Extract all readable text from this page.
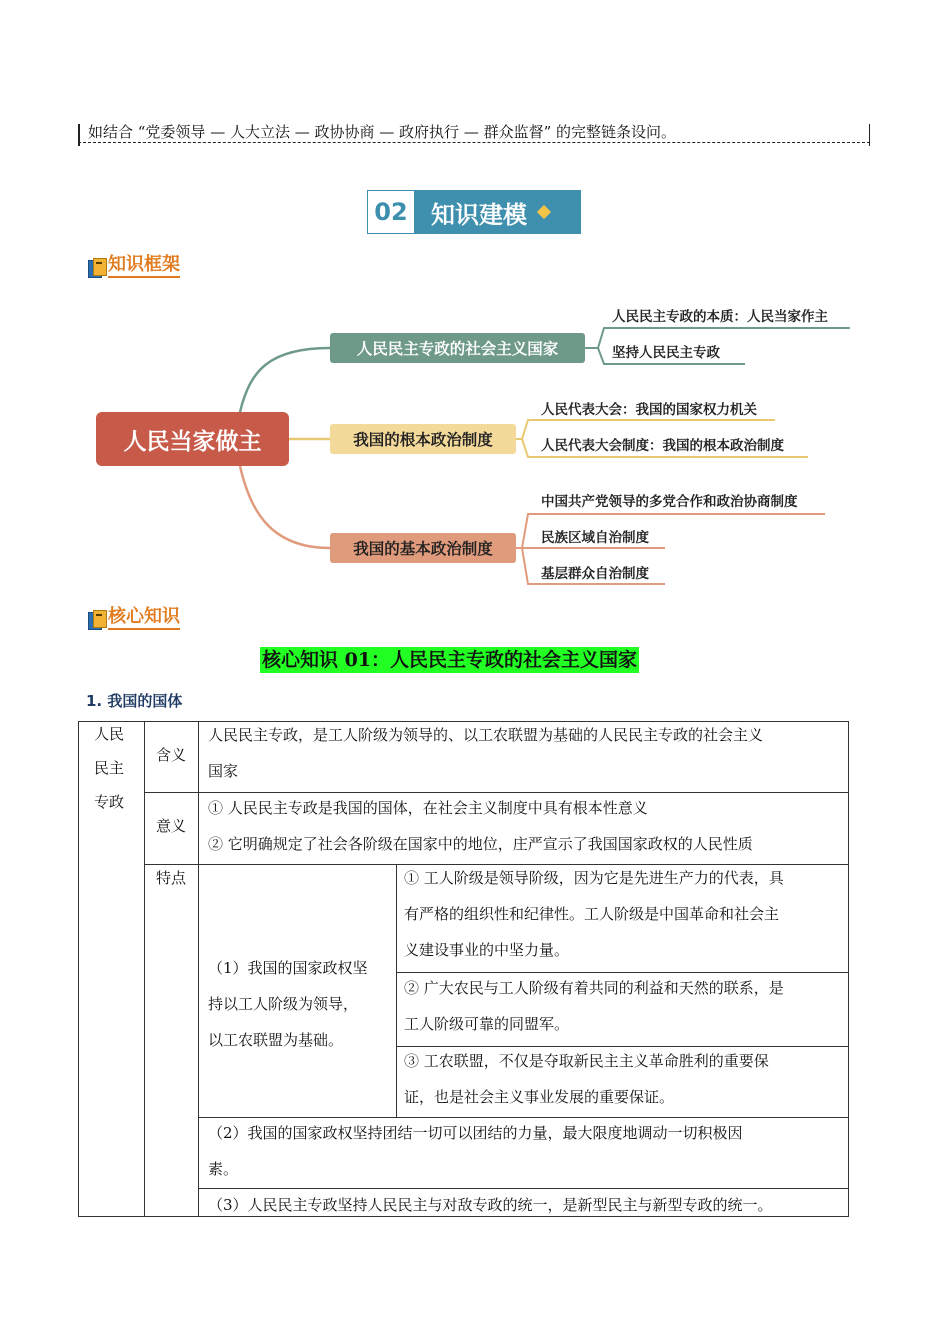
如结合 “党委领导 — 人大立法 — 政协协商 — 政府执行 — 群众监督” 的完整链条设问。
02 知识建模
知识框架
人民当家做主
人民民主专政的社会主义国家
我国的根本政治制度
我国的基本政治制度
人民民主专政的本质：人民当家作主
坚持人民民主专政
人民代表大会：我国的国家权力机关
人民代表大会制度：我国的根本政治制度
中国共产党领导的多党合作和政治协商制度
民族区域自治制度
基层群众自治制度
核心知识
核心知识 01：人民民主专政的社会主义国家
1. 我国的国体
人民
民主
专政
含义
人民民主专政，是工人阶级为领导的、以工农联盟为基础的人民民主专政的社会主义
国家
意义
① 人民民主专政是我国的国体，在社会主义制度中具有根本性意义
② 它明确规定了社会各阶级在国家中的地位，庄严宣示了我国国家政权的人民性质
特点
（1）我国的国家政权坚
持以工人阶级为领导，
以工农联盟为基础。
① 工人阶级是领导阶级，因为它是先进生产力的代表，具
有严格的组织性和纪律性。工人阶级是中国革命和社会主
义建设事业的中坚力量。
② 广大农民与工人阶级有着共同的利益和天然的联系，是
工人阶级可靠的同盟军。
③ 工农联盟，不仅是夺取新民主主义革命胜利的重要保
证，也是社会主义事业发展的重要保证。
（2）我国的国家政权坚持团结一切可以团结的力量，最大限度地调动一切积极因
素。
（3）人民民主专政坚持人民民主与对敌专政的统一，是新型民主与新型专政的统一。
